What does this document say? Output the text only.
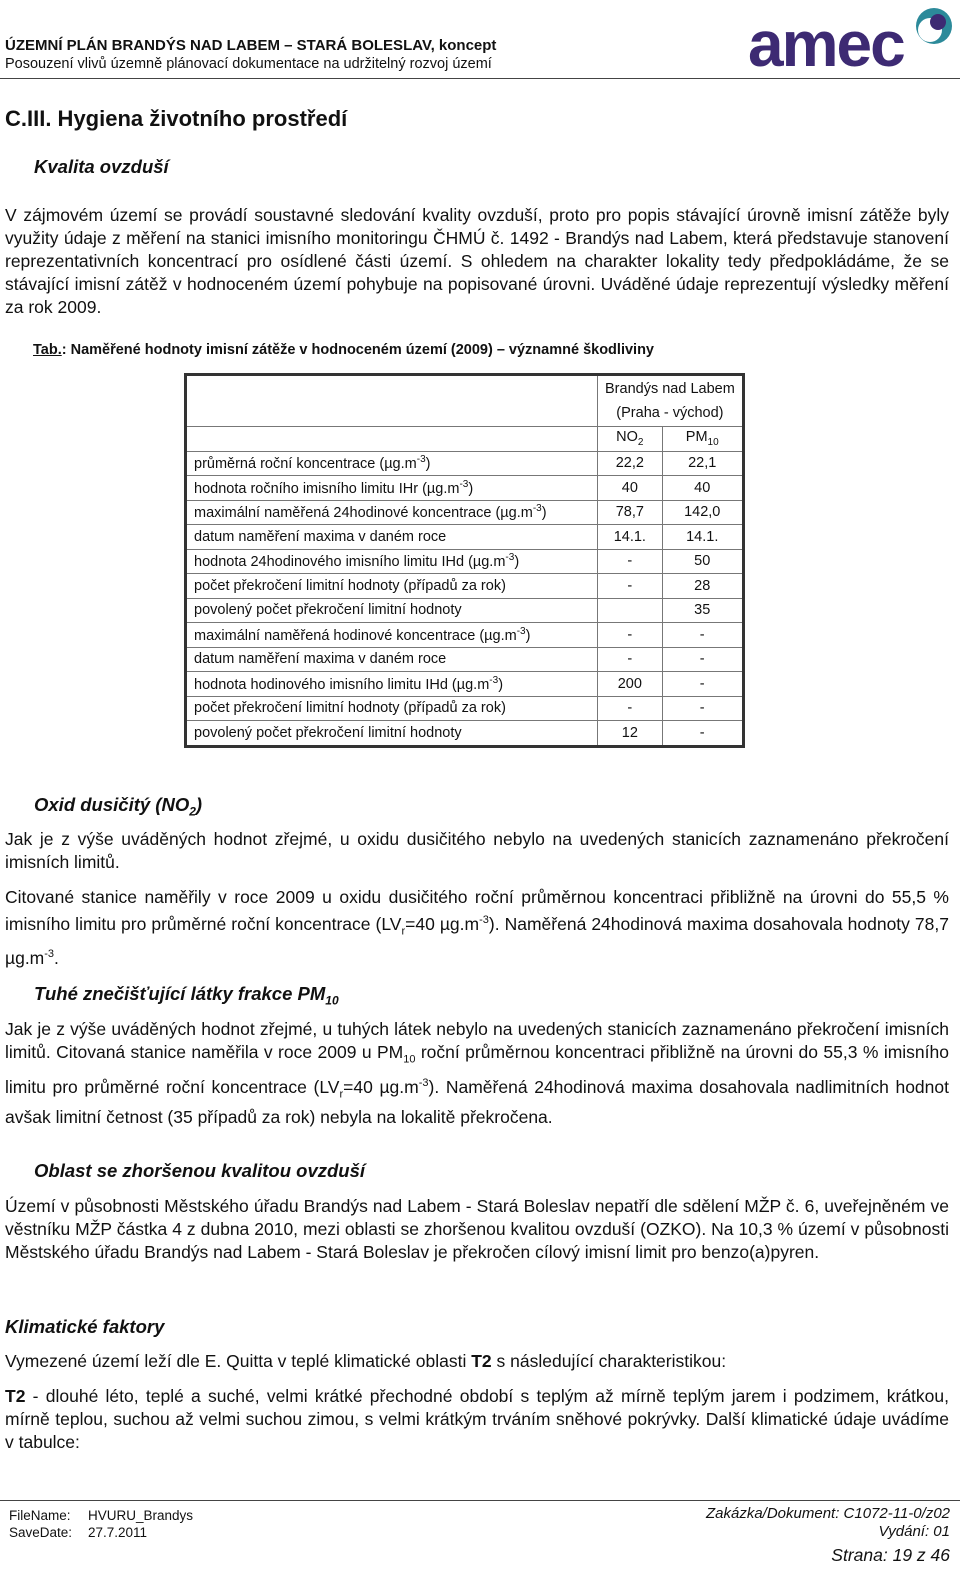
ÚZEMNÍ PLÁN BRANDÝS NAD LABEM – STARÁ BOLESLAV, koncept
Posouzení vlivů územně plánovací dokumentace na udržitelný rozvoj území	amec
C.III. Hygiena životního prostředí
Kvalita ovzduší
V zájmovém území se provádí soustavné sledování kvality ovzduší, proto pro popis stávající úrovně imisní zátěže byly využity údaje z měření na stanici imisního monitoringu ČHMÚ č. 1492 - Brandýs nad Labem, která představuje stanovení reprezentativních koncentrací pro osídlené části území. S ohledem na charakter lokality tedy předpokládáme, že se stávající imisní zátěž v hodnoceném území pohybuje na popisované úrovni. Uváděné údaje reprezentují výsledky měření za rok 2009.
Tab.: Naměřené hodnoty imisní zátěže v hodnoceném území (2009) – významné škodliviny

	Brandýs nad Labem
(Praha - východ)	

	$NO_2$	$PM_{10}$
průměrná roční koncentrace $(\mu g.m^{-3})$	22,2	22,1
hodnota ročního imisního limitu IHr $(\mu g.m^{-3})$	40	40
maximální naměřená 24hodinové koncentrace $(\mu g.m^{-3})$	78,7	142,0
datum naměření maxima v daném roce	14.1.	14.1.
hodnota 24hodinového imisního limitu IHd $(\mu g.m^{-3})$	-	50
počet překročení limitní hodnoty (případů za rok)	-	28
povolený počet překročení limitní hodnoty		35
maximální naměřená hodinové koncentrace $(\mu g.m^{-3})$	-	-
datum naměření maxima v daném roce	-	-
hodnota hodinového imisního limitu IHd $(\mu g.m^{-3})$	200	-
počet překročení limitní hodnoty (případů za rok)	-	-
povolený počet překročení limitní hodnoty	12	-
Oxid dusičitý $(NO_2)$
Jak je z výše uváděných hodnot zřejmé, u oxidu dusičitého nebylo na uvedených stanicích zaznamenáno překročení imisních limitů.
Citované stanice naměřily v roce 2009 u oxidu dusičitého roční průměrnou koncentraci přibližně na úrovni do 55,5 % imisního limitu pro průměrné roční koncentrace ($LV_r=40$ $\mu g.m^{-3}$). Naměřená 24hodinová maxima dosahovala hodnoty 78,7 $\mu g.m^{-3}$.
Tuhé znečišťující látky frakce $PM_{10}$
Jak je z výše uváděných hodnot zřejmé, u tuhých látek nebylo na uvedených stanicích zaznamenáno překročení imisních limitů. Citovaná stanice naměřila v roce 2009 u $PM_{10}$ roční průměrnou koncentraci přibližně na úrovni do 55,3 % imisního limitu pro průměrné roční koncentrace ($LV_r=40$ $\mu g.m^{-3}$). Naměřená 24hodinová maxima dosahovala nadlimitních hodnot avšak limitní četnost (35 případů za rok) nebyla na lokalitě překročena.
Oblast se zhoršenou kvalitou ovzduší
Území v působnosti Městského úřadu Brandýs nad Labem - Stará Boleslav nepatří dle sdělení MŽP č. 6, uveřejněném ve věstníku MŽP částka 4 z dubna 2010, mezi oblasti se zhoršenou kvalitou ovzduší (OZKO). Na 10,3 % území v působnosti Městského úřadu Brandýs nad Labem - Stará Boleslav je překročen cílový imisní limit pro benzo(a)pyren.
Klimatické faktory
Vymezené území leží dle E. Quitta v teplé klimatické oblasti T2 s následující charakteristikou:
T2 - dlouhé léto, teplé a suché, velmi krátké přechodné období s teplým až mírně teplým jarem i podzimem, krátkou, mírně teplou, suchou až velmi suchou zimou, s velmi krátkým trváním sněhové pokrývky. Další klimatické údaje uvádíme v tabulce:
FileName: HVURU_Brandys
SaveDate: 27.7.2011
Zakázka/Dokument: C1072-11-0/z02
Vydání: 01
Strana: 19 z 46
